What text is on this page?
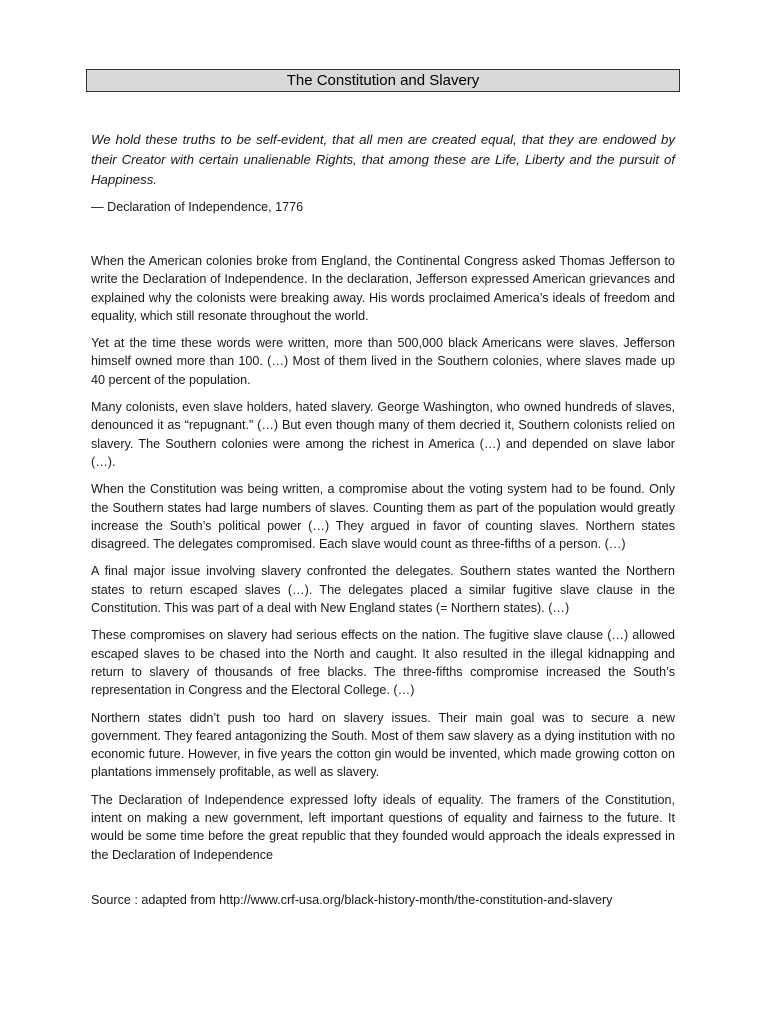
The Constitution and Slavery

We hold these truths to be self-evident, that all men are created equal, that they are endowed by their Creator with certain unalienable Rights, that among these are Life, Liberty and the pursuit of Happiness.

— Declaration of Independence, 1776

When the American colonies broke from England, the Continental Congress asked Thomas Jefferson to write the Declaration of Independence. In the declaration, Jefferson expressed American grievances and explained why the colonists were breaking away. His words proclaimed America’s ideals of freedom and equality, which still resonate throughout the world.

Yet at the time these words were written, more than 500,000 black Americans were slaves. Jefferson himself owned more than 100. (…) Most of them lived in the Southern colonies, where slaves made up 40 percent of the population.

Many colonists, even slave holders, hated slavery. George Washington, who owned hundreds of slaves, denounced it as “repugnant.” (…) But even though many of them decried it, Southern colonists relied on slavery. The Southern colonies were among the richest in America (…) and depended on slave labor (…).

When the Constitution was being written, a compromise about the voting system had to be found. Only the Southern states had large numbers of slaves. Counting them as part of the population would greatly increase the South’s political power (…) They argued in favor of counting slaves. Northern states disagreed. The delegates compromised. Each slave would count as three-fifths of a person. (…)

A final major issue involving slavery confronted the delegates. Southern states wanted the Northern states to return escaped slaves (…). The delegates placed a similar fugitive slave clause in the Constitution. This was part of a deal with New England states (= Northern states). (…)

These compromises on slavery had serious effects on the nation. The fugitive slave clause (…) allowed escaped slaves to be chased into the North and caught. It also resulted in the illegal kidnapping and return to slavery of thousands of free blacks. The three-fifths compromise increased the South’s representation in Congress and the Electoral College. (…)

Northern states didn’t push too hard on slavery issues. Their main goal was to secure a new government. They feared antagonizing the South. Most of them saw slavery as a dying institution with no economic future. However, in five years the cotton gin would be invented, which made growing cotton on plantations immensely profitable, as well as slavery.

The Declaration of Independence expressed lofty ideals of equality. The framers of the Constitution, intent on making a new government, left important questions of equality and fairness to the future. It would be some time before the great republic that they founded would approach the ideals expressed in the Declaration of Independence

Source : adapted from http://www.crf-usa.org/black-history-month/the-constitution-and-slavery
